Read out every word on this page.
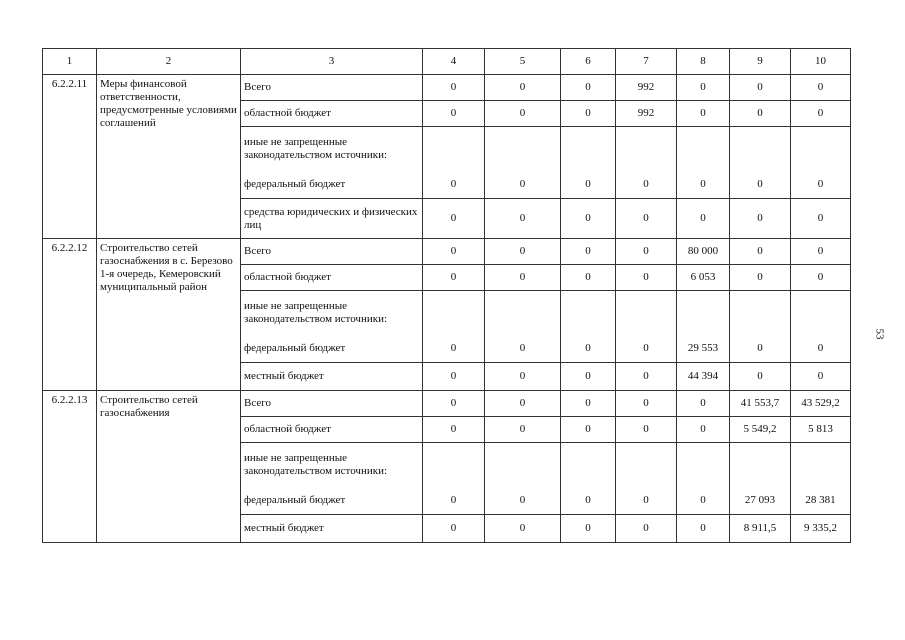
1	2	3	4	5	6	7	8	9	10
6.2.2.11	Меры финансовой ответственности, предусмотренные условиями соглашений	Всего	0	0	0	992	0	0	0
		областной бюджет	0	0	0	992	0	0	0
		иные не запрещенные законодательством источники:							
		федеральный бюджет	0	0	0	0	0	0	0
		средства юридических и физических лиц	0	0	0	0	0	0	0
6.2.2.12	Строительство сетей газоснабжения в с. Березово 1-я очередь, Кемеровский муниципальный район	Всего	0	0	0	0	80 000	0	0
		областной бюджет	0	0	0	0	6 053	0	0
		иные не запрещенные законодательством источники:							
		федеральный бюджет	0	0	0	0	29 553	0	0
		местный бюджет	0	0	0	0	44 394	0	0
6.2.2.13	Строительство сетей газоснабжения	Всего	0	0	0	0	0	41 553,7	43 529,2
		областной бюджет	0	0	0	0	0	5 549,2	5 813
		иные не запрещенные законодательством источники:							
		федеральный бюджет	0	0	0	0	0	27 093	28 381
		местный бюджет	0	0	0	0	0	8 911,5	9 335,2
53
